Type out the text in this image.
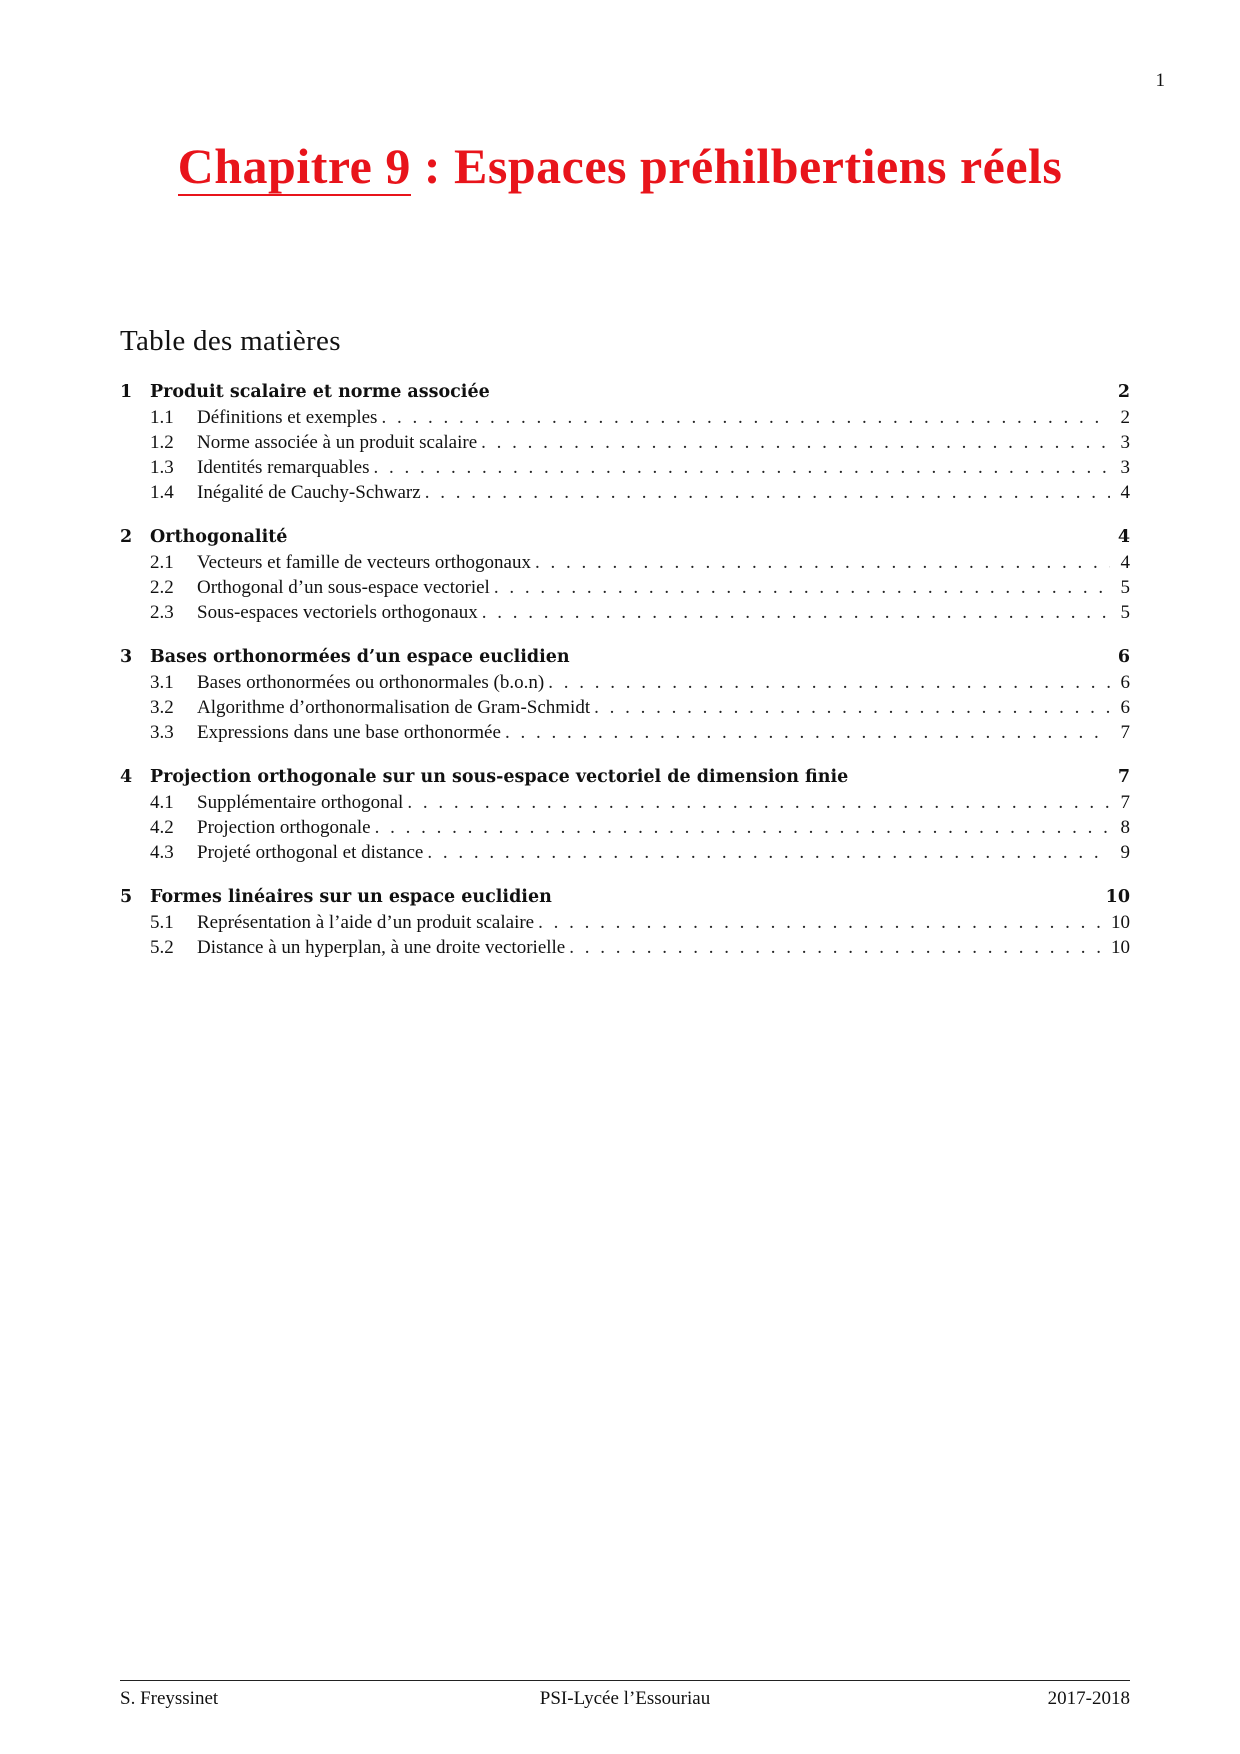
1
Chapitre 9 : Espaces préhilbertiens réels
Table des matières
1	Produit scalaire et norme associée	2
1.1	Définitions et exemples . . .	2
1.2	Norme associée à un produit scalaire . . .	3
1.3	Identités remarquables . . .	3
1.4	Inégalité de Cauchy-Schwarz . . .	4
2	Orthogonalité	4
2.1	Vecteurs et famille de vecteurs orthogonaux . . .	4
2.2	Orthogonal d’un sous-espace vectoriel . . .	5
2.3	Sous-espaces vectoriels orthogonaux . . .	5
3	Bases orthonormées d’un espace euclidien	6
3.1	Bases orthonormées ou orthonormales (b.o.n) . . .	6
3.2	Algorithme d’orthonormalisation de Gram-Schmidt . . .	6
3.3	Expressions dans une base orthonormée . . .	7
4	Projection orthogonale sur un sous-espace vectoriel de dimension finie	7
4.1	Supplémentaire orthogonal . . .	7
4.2	Projection orthogonale . . .	8
4.3	Projeté orthogonal et distance . . .	9
5	Formes linéaires sur un espace euclidien	10
5.1	Représentation à l’aide d’un produit scalaire . . .	10
5.2	Distance à un hyperplan, à une droite vectorielle . . .	10
S. Freyssinet	PSI-Lycée l’Essouriau	2017-2018
